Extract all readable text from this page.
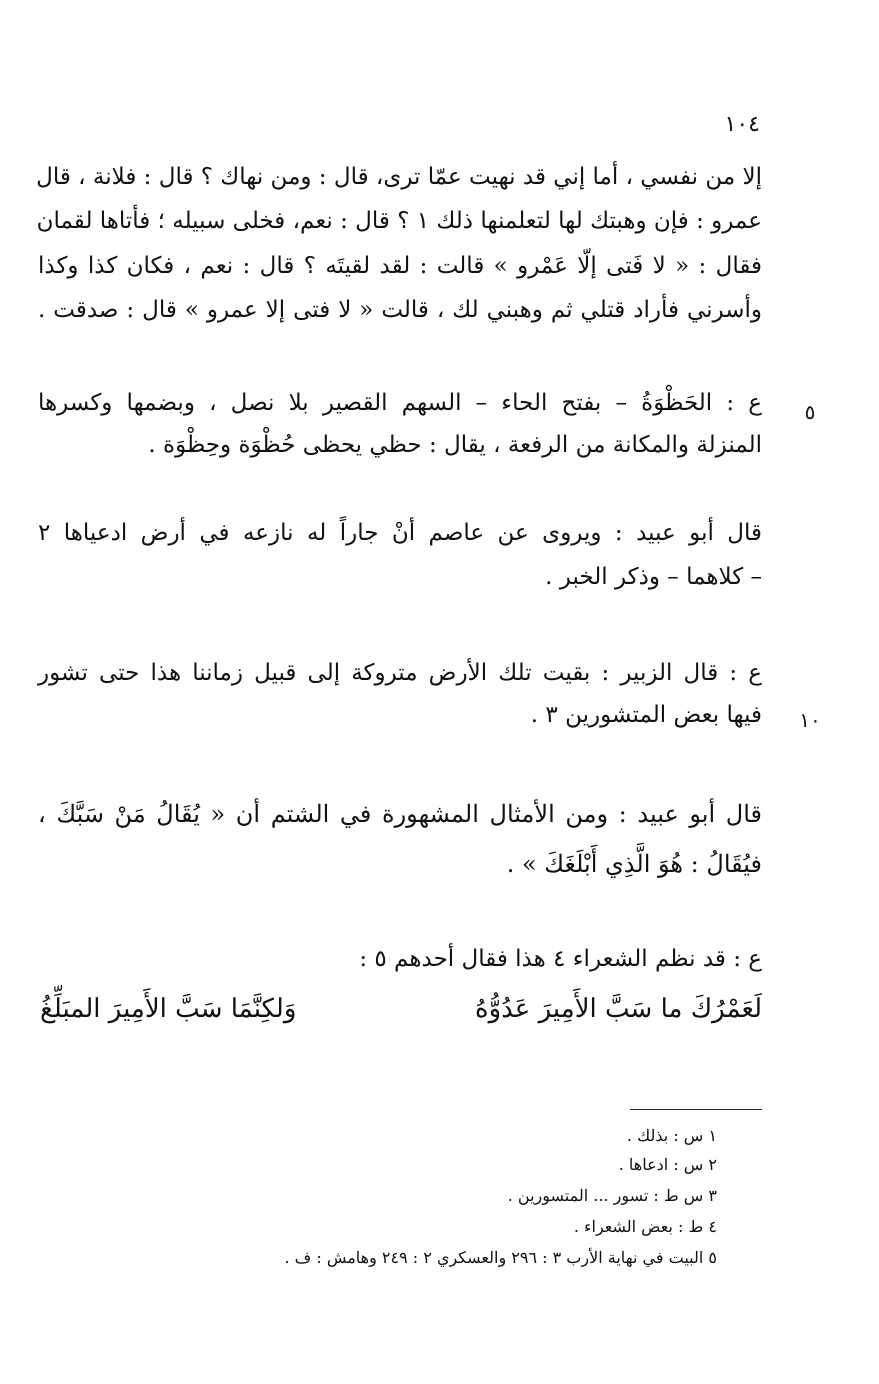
١٠٤
إلا من نفسي ، أما إني قد نهيت عمّا ترى، قال : ومن نهاك ؟ قال : فلانة ، قال
عمرو : فإن وهبتك لها لتعلمنها ذلك ١ ؟ قال : نعم، فخلى سبيله ؛ فأتاها لقمان
فقال : « لا فَتى إلّا عَمْرو » قالت : لقد لقيتَه ؟ قال : نعم ، فكان كذا وكذا
وأسرني فأراد قتلي ثم وهبني لك ، قالت « لا فتى إلا عمرو » قال : صدقت .
ع : الحَظْوَةُ – بفتح الحاء – السهم القصير بلا نصل ، وبضمها وكسرها
المنزلة والمكانة من الرفعة ، يقال : حظي يحظى حُظْوَة وحِظْوَة .
٥
قال أبو عبيد : ويروى عن عاصم أنْ جاراً له نازعه في أرض ادعياها ٢
– كلاهما – وذكر الخبر .
ع : قال الزبير : بقيت تلك الأرض متروكة إلى قبيل زماننا هذا حتى تشور
فيها بعض المتشورين ٣ .	١٠
قال أبو عبيد : ومن الأمثال المشهورة في الشتم أن « يُقَالُ مَنْ سَبَّكَ ،
فيُقَالُ : هُوَ الَّذِي أَبْلَغَكَ » .
ع : قد نظم الشعراء ٤ هذا فقال أحدهم ٥ :
لَعَمْرُكَ ما سَبَّ الأَمِيرَ عَدُوُّهُ
وَلكِنَّمَا سَبَّ الأَمِيرَ المبَلِّغُ
١ س : بذلك .
٢ س : ادعاها .
٣ س ط : تسور ... المتسورين .
٤ ط : بعض الشعراء .
٥ البيت في نهاية الأرب ٣ : ٢٩٦ والعسكري ٢ : ٢٤٩ وهامش : ف .
